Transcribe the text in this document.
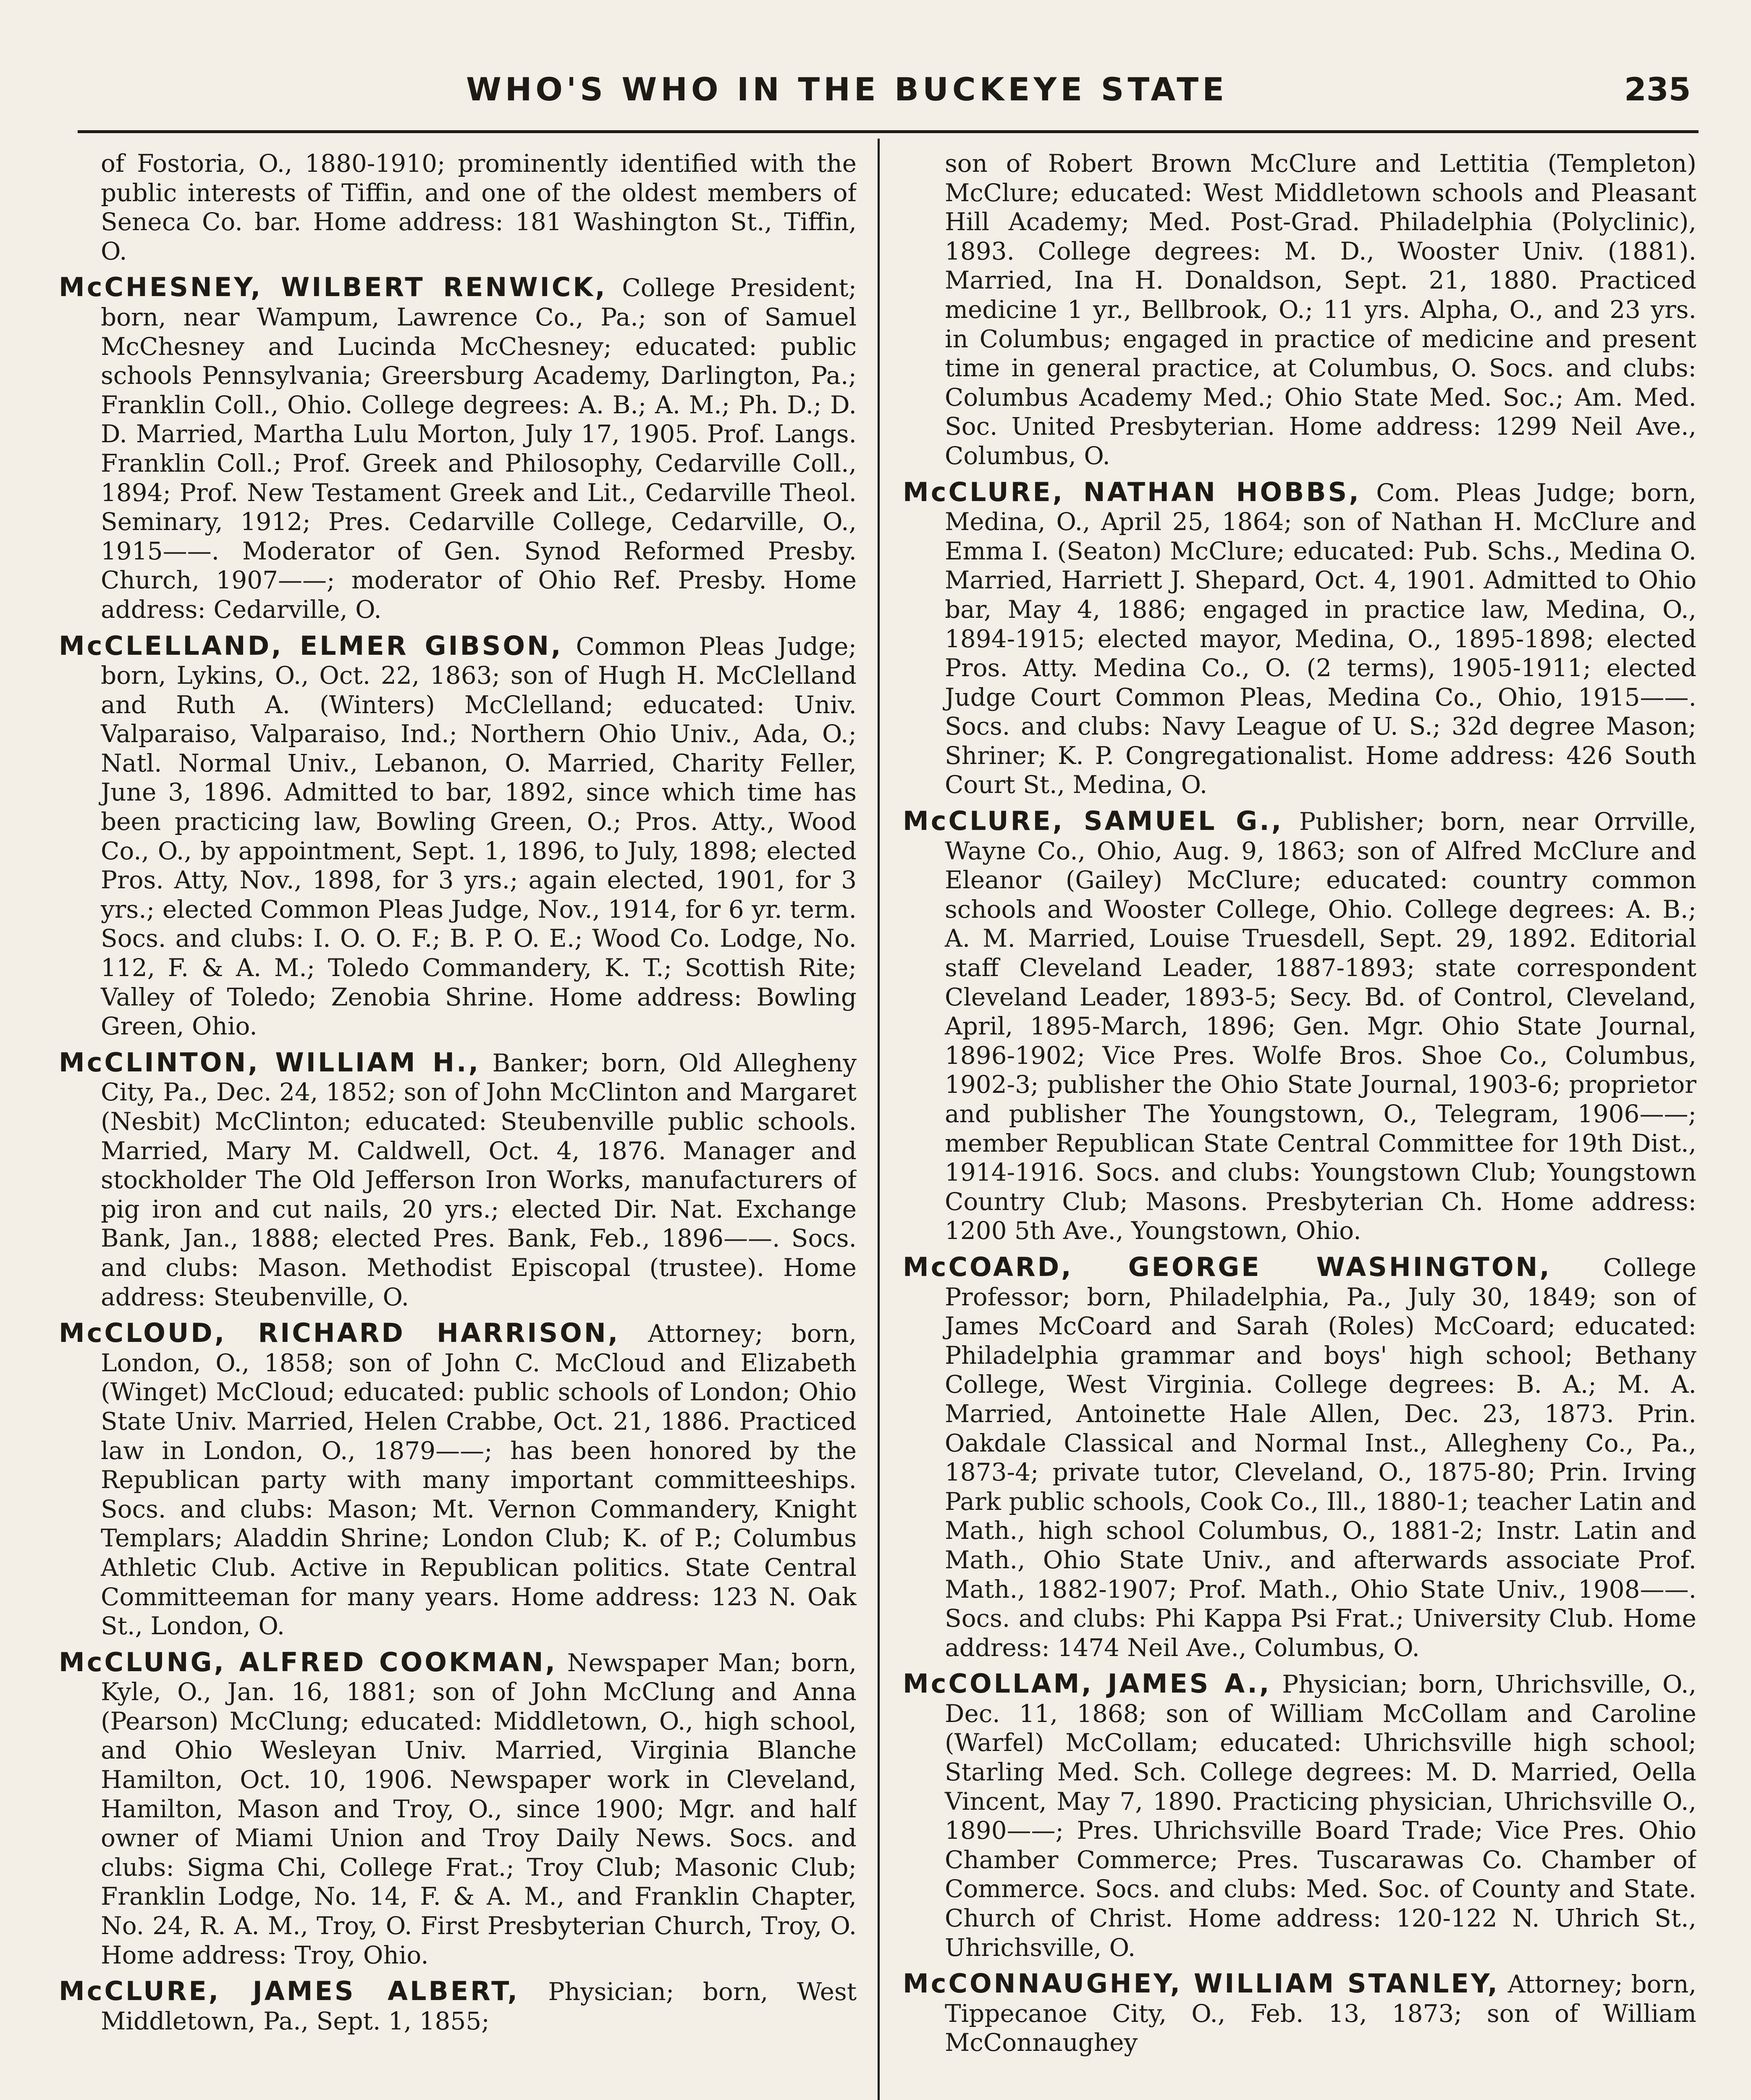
WHO'S WHO IN THE BUCKEYE STATE	235

of Fostoria, O., 1880-1910; prominently identified with the public interests of Tiffin, and one of the oldest members of Seneca Co. bar. Home address: 181 Washington St., Tiffin, O.

McCHESNEY, WILBERT RENWICK, College President; born, near Wampum, Lawrence Co., Pa.; son of Samuel McChesney and Lucinda McChesney; educated: public schools Pennsylvania; Greersburg Academy, Darlington, Pa.; Franklin Coll., Ohio. College degrees: A. B.; A. M.; Ph. D.; D. D. Married, Martha Lulu Morton, July 17, 1905. Prof. Langs. Franklin Coll.; Prof. Greek and Philosophy, Cedarville Coll., 1894; Prof. New Testament Greek and Lit., Cedarville Theol. Seminary, 1912; Pres. Cedarville College, Cedarville, O., 1915——. Moderator of Gen. Synod Reformed Presby. Church, 1907——; moderator of Ohio Ref. Presby. Home address: Cedarville, O.

McCLELLAND, ELMER GIBSON, Common Pleas Judge; born, Lykins, O., Oct. 22, 1863; son of Hugh H. McClelland and Ruth A. (Winters) McClelland; educated: Univ. Valparaiso, Valparaiso, Ind.; Northern Ohio Univ., Ada, O.; Natl. Normal Univ., Lebanon, O. Married, Charity Feller, June 3, 1896. Admitted to bar, 1892, since which time has been practicing law, Bowling Green, O.; Pros. Atty., Wood Co., O., by appointment, Sept. 1, 1896, to July, 1898; elected Pros. Atty, Nov., 1898, for 3 yrs.; again elected, 1901, for 3 yrs.; elected Common Pleas Judge, Nov., 1914, for 6 yr. term. Socs. and clubs: I. O. O. F.; B. P. O. E.; Wood Co. Lodge, No. 112, F. & A. M.; Toledo Commandery, K. T.; Scottish Rite; Valley of Toledo; Zenobia Shrine. Home address: Bowling Green, Ohio.

McCLINTON, WILLIAM H., Banker; born, Old Allegheny City, Pa., Dec. 24, 1852; son of John McClinton and Margaret (Nesbit) McClinton; educated: Steubenville public schools. Married, Mary M. Caldwell, Oct. 4, 1876. Manager and stockholder The Old Jefferson Iron Works, manufacturers of pig iron and cut nails, 20 yrs.; elected Dir. Nat. Exchange Bank, Jan., 1888; elected Pres. Bank, Feb., 1896——. Socs. and clubs: Mason. Methodist Episcopal (trustee). Home address: Steubenville, O.

McCLOUD, RICHARD HARRISON, Attorney; born, London, O., 1858; son of John C. McCloud and Elizabeth (Winget) McCloud; educated: public schools of London; Ohio State Univ. Married, Helen Crabbe, Oct. 21, 1886. Practiced law in London, O., 1879——; has been honored by the Republican party with many important committeeships. Socs. and clubs: Mason; Mt. Vernon Commandery, Knight Templars; Aladdin Shrine; London Club; K. of P.; Columbus Athletic Club. Active in Republican politics. State Central Committeeman for many years. Home address: 123 N. Oak St., London, O.

McCLUNG, ALFRED COOKMAN, Newspaper Man; born, Kyle, O., Jan. 16, 1881; son of John McClung and Anna (Pearson) McClung; educated: Middletown, O., high school, and Ohio Wesleyan Univ. Married, Virginia Blanche Hamilton, Oct. 10, 1906. Newspaper work in Cleveland, Hamilton, Mason and Troy, O., since 1900; Mgr. and half owner of Miami Union and Troy Daily News. Socs. and clubs: Sigma Chi, College Frat.; Troy Club; Masonic Club; Franklin Lodge, No. 14, F. & A. M., and Franklin Chapter, No. 24, R. A. M., Troy, O. First Presbyterian Church, Troy, O. Home address: Troy, Ohio.

McCLURE, JAMES ALBERT, Physician; born, West Middletown, Pa., Sept. 1, 1855;

son of Robert Brown McClure and Lettitia (Templeton) McClure; educated: West Middletown schools and Pleasant Hill Academy; Med. Post-Grad. Philadelphia (Polyclinic), 1893. College degrees: M. D., Wooster Univ. (1881). Married, Ina H. Donaldson, Sept. 21, 1880. Practiced medicine 1 yr., Bellbrook, O.; 11 yrs. Alpha, O., and 23 yrs. in Columbus; engaged in practice of medicine and present time in general practice, at Columbus, O. Socs. and clubs: Columbus Academy Med.; Ohio State Med. Soc.; Am. Med. Soc. United Presbyterian. Home address: 1299 Neil Ave., Columbus, O.

McCLURE, NATHAN HOBBS, Com. Pleas Judge; born, Medina, O., April 25, 1864; son of Nathan H. McClure and Emma I. (Seaton) McClure; educated: Pub. Schs., Medina O. Married, Harriett J. Shepard, Oct. 4, 1901. Admitted to Ohio bar, May 4, 1886; engaged in practice law, Medina, O., 1894-1915; elected mayor, Medina, O., 1895-1898; elected Pros. Atty. Medina Co., O. (2 terms), 1905-1911; elected Judge Court Common Pleas, Medina Co., Ohio, 1915——. Socs. and clubs: Navy League of U. S.; 32d degree Mason; Shriner; K. P. Congregationalist. Home address: 426 South Court St., Medina, O.

McCLURE, SAMUEL G., Publisher; born, near Orrville, Wayne Co., Ohio, Aug. 9, 1863; son of Alfred McClure and Eleanor (Gailey) McClure; educated: country common schools and Wooster College, Ohio. College degrees: A. B.; A. M. Married, Louise Truesdell, Sept. 29, 1892. Editorial staff Cleveland Leader, 1887-1893; state correspondent Cleveland Leader, 1893-5; Secy. Bd. of Control, Cleveland, April, 1895-March, 1896; Gen. Mgr. Ohio State Journal, 1896-1902; Vice Pres. Wolfe Bros. Shoe Co., Columbus, 1902-3; publisher the Ohio State Journal, 1903-6; proprietor and publisher The Youngstown, O., Telegram, 1906——; member Republican State Central Committee for 19th Dist., 1914-1916. Socs. and clubs: Youngstown Club; Youngstown Country Club; Masons. Presbyterian Ch. Home address: 1200 5th Ave., Youngstown, Ohio.

McCOARD, GEORGE WASHINGTON, College Professor; born, Philadelphia, Pa., July 30, 1849; son of James McCoard and Sarah (Roles) McCoard; educated: Philadelphia grammar and boys' high school; Bethany College, West Virginia. College degrees: B. A.; M. A. Married, Antoinette Hale Allen, Dec. 23, 1873. Prin. Oakdale Classical and Normal Inst., Allegheny Co., Pa., 1873-4; private tutor, Cleveland, O., 1875-80; Prin. Irving Park public schools, Cook Co., Ill., 1880-1; teacher Latin and Math., high school Columbus, O., 1881-2; Instr. Latin and Math., Ohio State Univ., and afterwards associate Prof. Math., 1882-1907; Prof. Math., Ohio State Univ., 1908——. Socs. and clubs: Phi Kappa Psi Frat.; University Club. Home address: 1474 Neil Ave., Columbus, O.

McCOLLAM, JAMES A., Physician; born, Uhrichsville, O., Dec. 11, 1868; son of William McCollam and Caroline (Warfel) McCollam; educated: Uhrichsville high school; Starling Med. Sch. College degrees: M. D. Married, Oella Vincent, May 7, 1890. Practicing physician, Uhrichsville O., 1890——; Pres. Uhrichsville Board Trade; Vice Pres. Ohio Chamber Commerce; Pres. Tuscarawas Co. Chamber of Commerce. Socs. and clubs: Med. Soc. of County and State. Church of Christ. Home address: 120-122 N. Uhrich St., Uhrichsville, O.

McCONNAUGHEY, WILLIAM STANLEY, Attorney; born, Tippecanoe City, O., Feb. 13, 1873; son of William McConnaughey
